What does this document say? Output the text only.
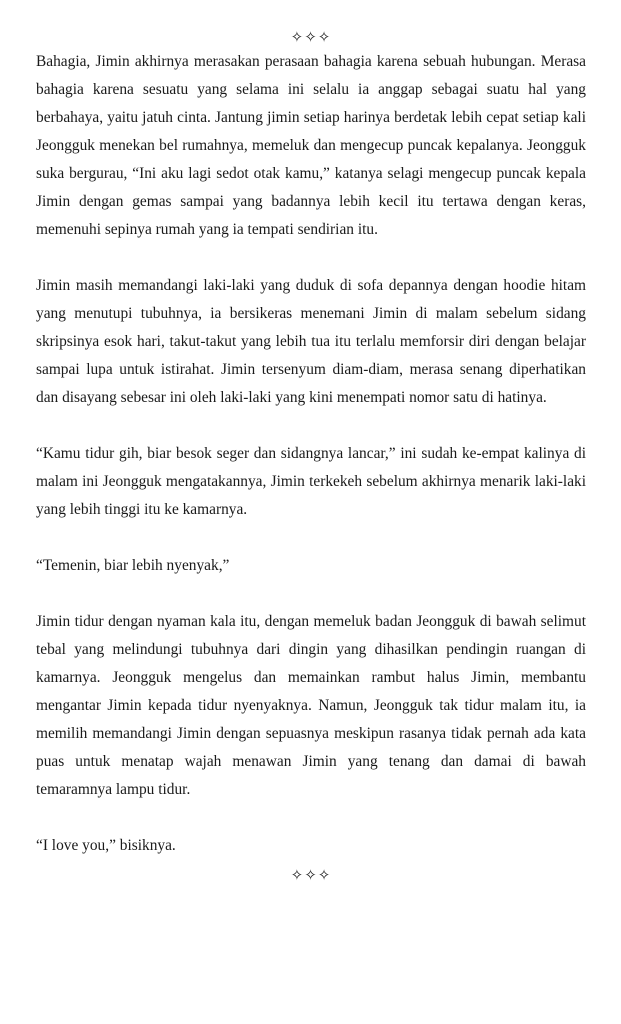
✧✧✧

Bahagia, Jimin akhirnya merasakan perasaan bahagia karena sebuah hubungan. Merasa bahagia karena sesuatu yang selama ini selalu ia anggap sebagai suatu hal yang berbahaya, yaitu jatuh cinta. Jantung jimin setiap harinya berdetak lebih cepat setiap kali Jeongguk menekan bel rumahnya, memeluk dan mengecup puncak kepalanya. Jeongguk suka bergurau, “Ini aku lagi sedot otak kamu,” katanya selagi mengecup puncak kepala Jimin dengan gemas sampai yang badannya lebih kecil itu tertawa dengan keras, memenuhi sepinya rumah yang ia tempati sendirian itu.

Jimin masih memandangi laki-laki yang duduk di sofa depannya dengan hoodie hitam yang menutupi tubuhnya, ia bersikeras menemani Jimin di malam sebelum sidang skripsinya esok hari, takut-takut yang lebih tua itu terlalu memforsir diri dengan belajar sampai lupa untuk istirahat. Jimin tersenyum diam-diam, merasa senang diperhatikan dan disayang sebesar ini oleh laki-laki yang kini menempati nomor satu di hatinya.

“Kamu tidur gih, biar besok seger dan sidangnya lancar,” ini sudah ke-empat kalinya di malam ini Jeongguk mengatakannya, Jimin terkekeh sebelum akhirnya menarik laki-laki yang lebih tinggi itu ke kamarnya.

“Temenin, biar lebih nyenyak,”

Jimin tidur dengan nyaman kala itu, dengan memeluk badan Jeongguk di bawah selimut tebal yang melindungi tubuhnya dari dingin yang dihasilkan pendingin ruangan di kamarnya. Jeongguk mengelus dan memainkan rambut halus Jimin, membantu mengantar Jimin kepada tidur nyenyaknya. Namun, Jeongguk tak tidur malam itu, ia memilih memandangi Jimin dengan sepuasnya meskipun rasanya tidak pernah ada kata puas untuk menatap wajah menawan Jimin yang tenang dan damai di bawah temaramnya lampu tidur.

“I love you,” bisiknya.

✧✧✧
